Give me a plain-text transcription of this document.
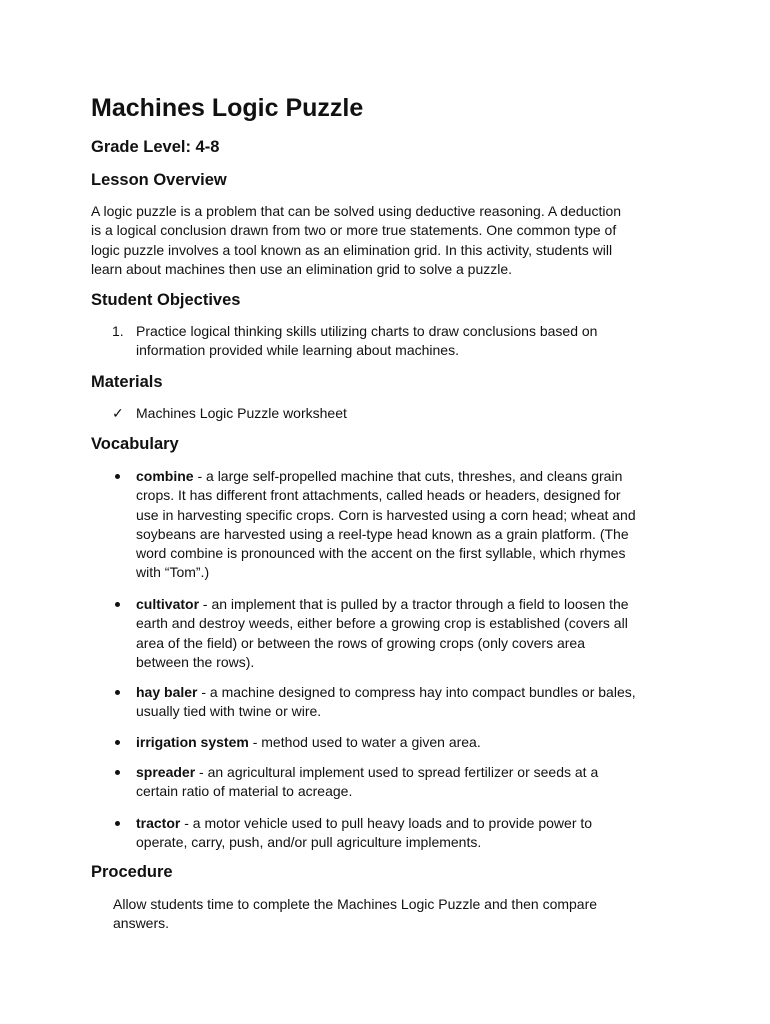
Machines Logic Puzzle
Grade Level: 4-8
Lesson Overview
A logic puzzle is a problem that can be solved using deductive reasoning. A deduction
is a logical conclusion drawn from two or more true statements. One common type of
logic puzzle involves a tool known as an elimination grid. In this activity, students will
learn about machines then use an elimination grid to solve a puzzle.
Student Objectives
1. Practice logical thinking skills utilizing charts to draw conclusions based on
information provided while learning about machines.
Materials
✓ Machines Logic Puzzle worksheet
Vocabulary
combine - a large self-propelled machine that cuts, threshes, and cleans grain
crops. It has different front attachments, called heads or headers, designed for
use in harvesting specific crops. Corn is harvested using a corn head; wheat and
soybeans are harvested using a reel-type head known as a grain platform. (The
word combine is pronounced with the accent on the first syllable, which rhymes
with “Tom”.)
cultivator - an implement that is pulled by a tractor through a field to loosen the
earth and destroy weeds, either before a growing crop is established (covers all
area of the field) or between the rows of growing crops (only covers area
between the rows).
hay baler - a machine designed to compress hay into compact bundles or bales,
usually tied with twine or wire.
irrigation system - method used to water a given area.
spreader - an agricultural implement used to spread fertilizer or seeds at a
certain ratio of material to acreage.
tractor - a motor vehicle used to pull heavy loads and to provide power to
operate, carry, push, and/or pull agriculture implements.
Procedure
Allow students time to complete the Machines Logic Puzzle and then compare
answers.
